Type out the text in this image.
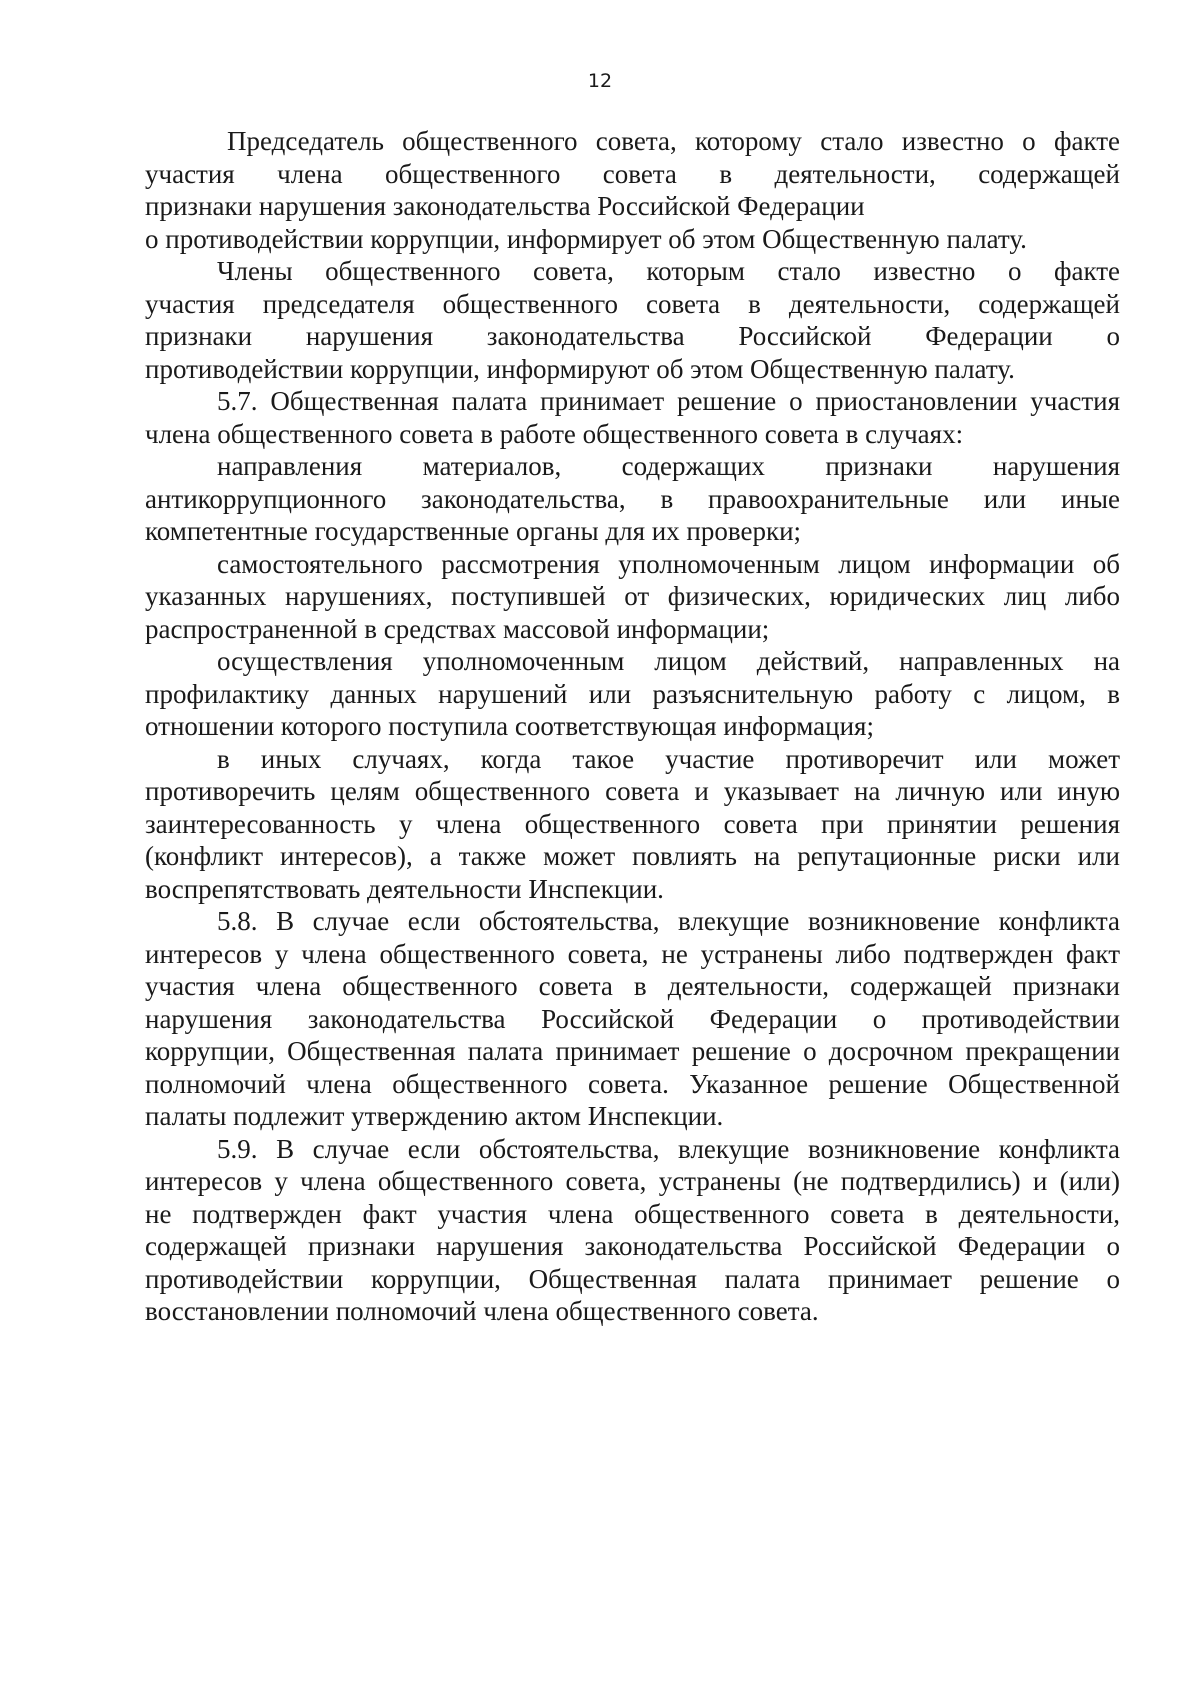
12

Председатель общественного совета, которому стало известно о факте
участия члена общественного совета в деятельности, содержащей
признаки нарушения законодательства Российской Федерации

о противодействии коррупции, информирует об этом Общественную палату.

Члены общественного совета, которым стало известно о факте
участия председателя общественного совета в деятельности, содержащей
признаки нарушения законодательства Российской Федерации о
противодействии коррупции, информируют об этом Общественную палату.

5.7. Общественная палата принимает решение о приостановлении участия
члена общественного совета в работе общественного совета в случаях:

направления материалов, содержащих признаки нарушения
антикоррупционного законодательства, в правоохранительные или иные
компетентные государственные органы для их проверки;

самостоятельного рассмотрения уполномоченным лицом информации об
указанных нарушениях, поступившей от физических, юридических лиц либо
распространенной в средствах массовой информации;

осуществления уполномоченным лицом действий, направленных на
профилактику данных нарушений или разъяснительную работу с лицом, в
отношении которого поступила соответствующая информация;

в иных случаях, когда такое участие противоречит или может
противоречить целям общественного совета и указывает на личную или иную
заинтересованность у члена общественного совета при принятии решения
(конфликт интересов), а также может повлиять на репутационные риски или
воспрепятствовать деятельности Инспекции.

5.8. В случае если обстоятельства, влекущие возникновение конфликта
интересов у члена общественного совета, не устранены либо подтвержден факт
участия члена общественного совета в деятельности, содержащей признаки
нарушения законодательства Российской Федерации о противодействии
коррупции, Общественная палата принимает решение о досрочном прекращении
полномочий члена общественного совета. Указанное решение Общественной
палаты подлежит утверждению актом Инспекции.

5.9. В случае если обстоятельства, влекущие возникновение конфликта
интересов у члена общественного совета, устранены (не подтвердились) и (или)
не подтвержден факт участия члена общественного совета в деятельности,
содержащей признаки нарушения законодательства Российской Федерации о
противодействии коррупции, Общественная палата принимает решение о
восстановлении полномочий члена общественного совета.
